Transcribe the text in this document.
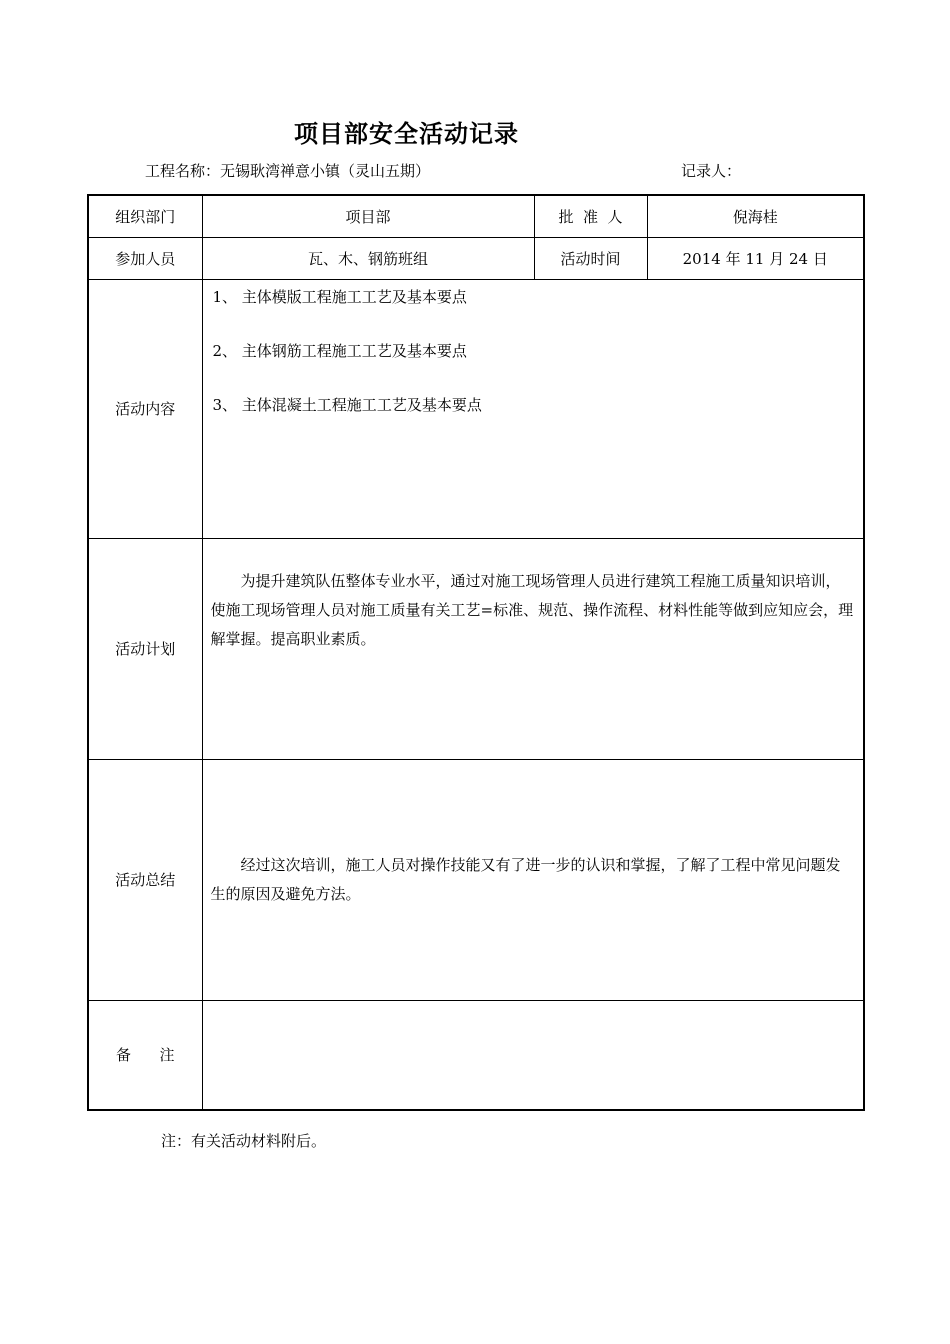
项目部安全活动记录
工程名称：无锡耿湾禅意小镇（灵山五期）	记录人：
组织部门	项目部	批  准  人	倪海桂
参加人员	瓦、木、钢筋班组	活动时间	2014 年 11 月 24 日
活动内容	1、 主体模版工程施工工艺及基本要点
2、 主体钢筋工程施工工艺及基本要点
3、 主体混凝土工程施工工艺及基本要点		

活动计划	为提升建筑队伍整体专业水平，通过对施工现场管理人员进行建筑工程施工质量知识培训，使施工现场管理人员对施工质量有关工艺=标准、规范、操作流程、材料性能等做到应知应会，理解掌握。提高职业素质。		
活动总结	经过这次培训，施工人员对操作技能又有了进一步的认识和掌握，了解了工程中常见问题发生的原因及避免方法。		
备      注			
注：有关活动材料附后。
